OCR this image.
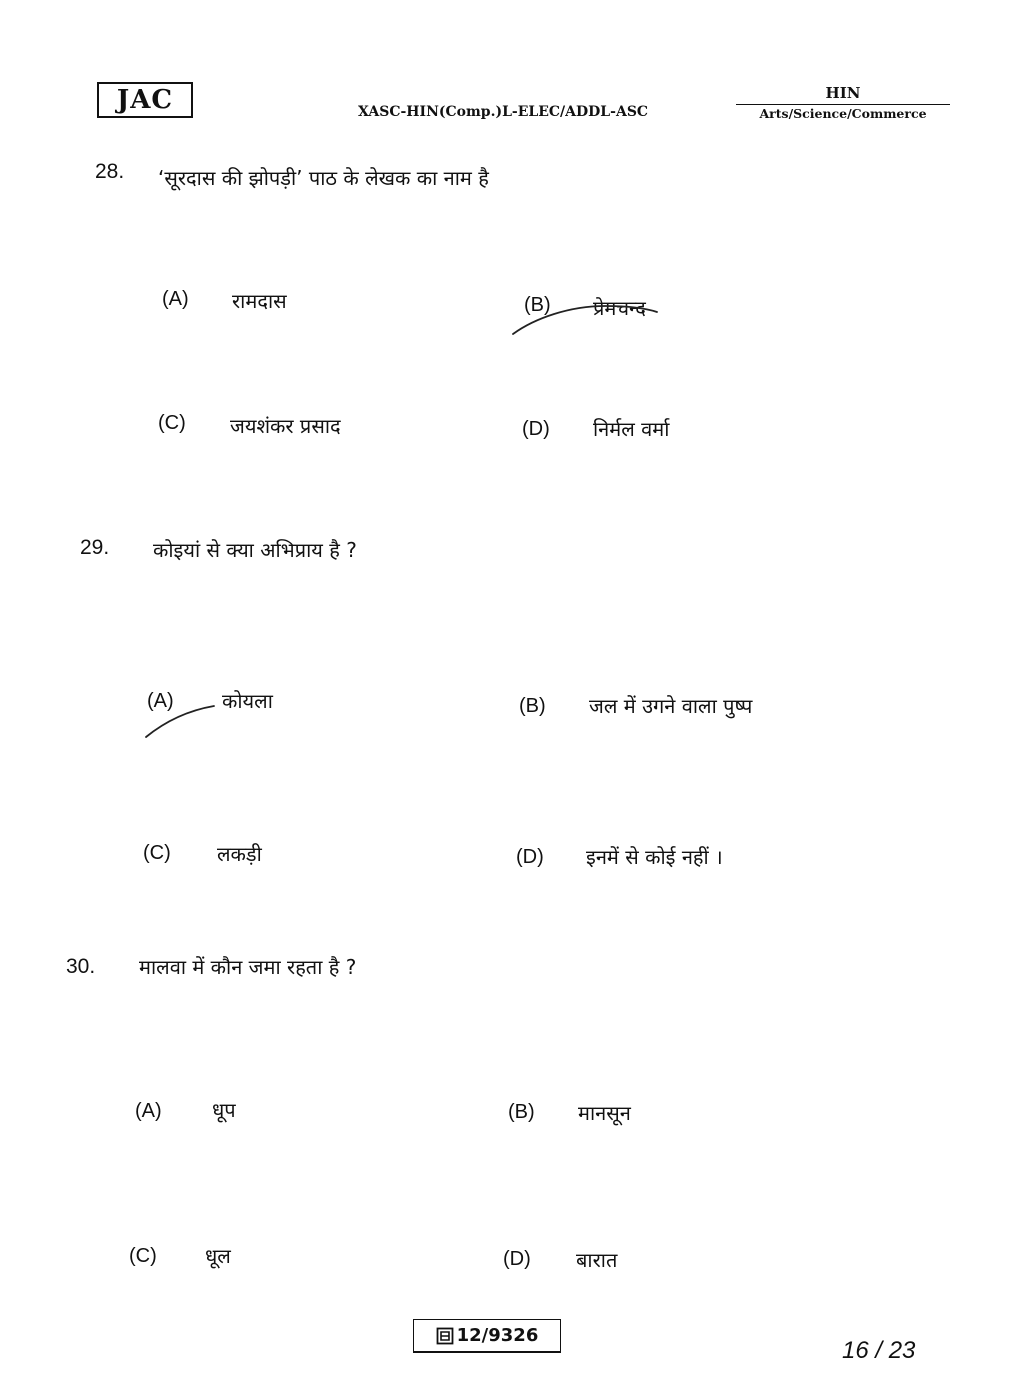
JAC	XASC-HIN(Comp.)L-ELEC/ADDL-ASC
HIN
Arts/Science/Commerce
28. ‘सूरदास की झोपड़ी’ पाठ के लेखक का नाम है
(A) रामदास	(B) प्रेमचन्द
(C) जयशंकर प्रसाद	(D) निर्मल वर्मा
29. कोइयां से क्या अभिप्राय है ?
(A) कोयला	(B) जल में उगने वाला पुष्प
(C) लकड़ी	(D) इनमें से कोई नहीं ।
30. मालवा में कौन जमा रहता है ?
(A)	धूप	(B) मानसून
(C) धूल	(D) बारात
12/9326
16 / 23
